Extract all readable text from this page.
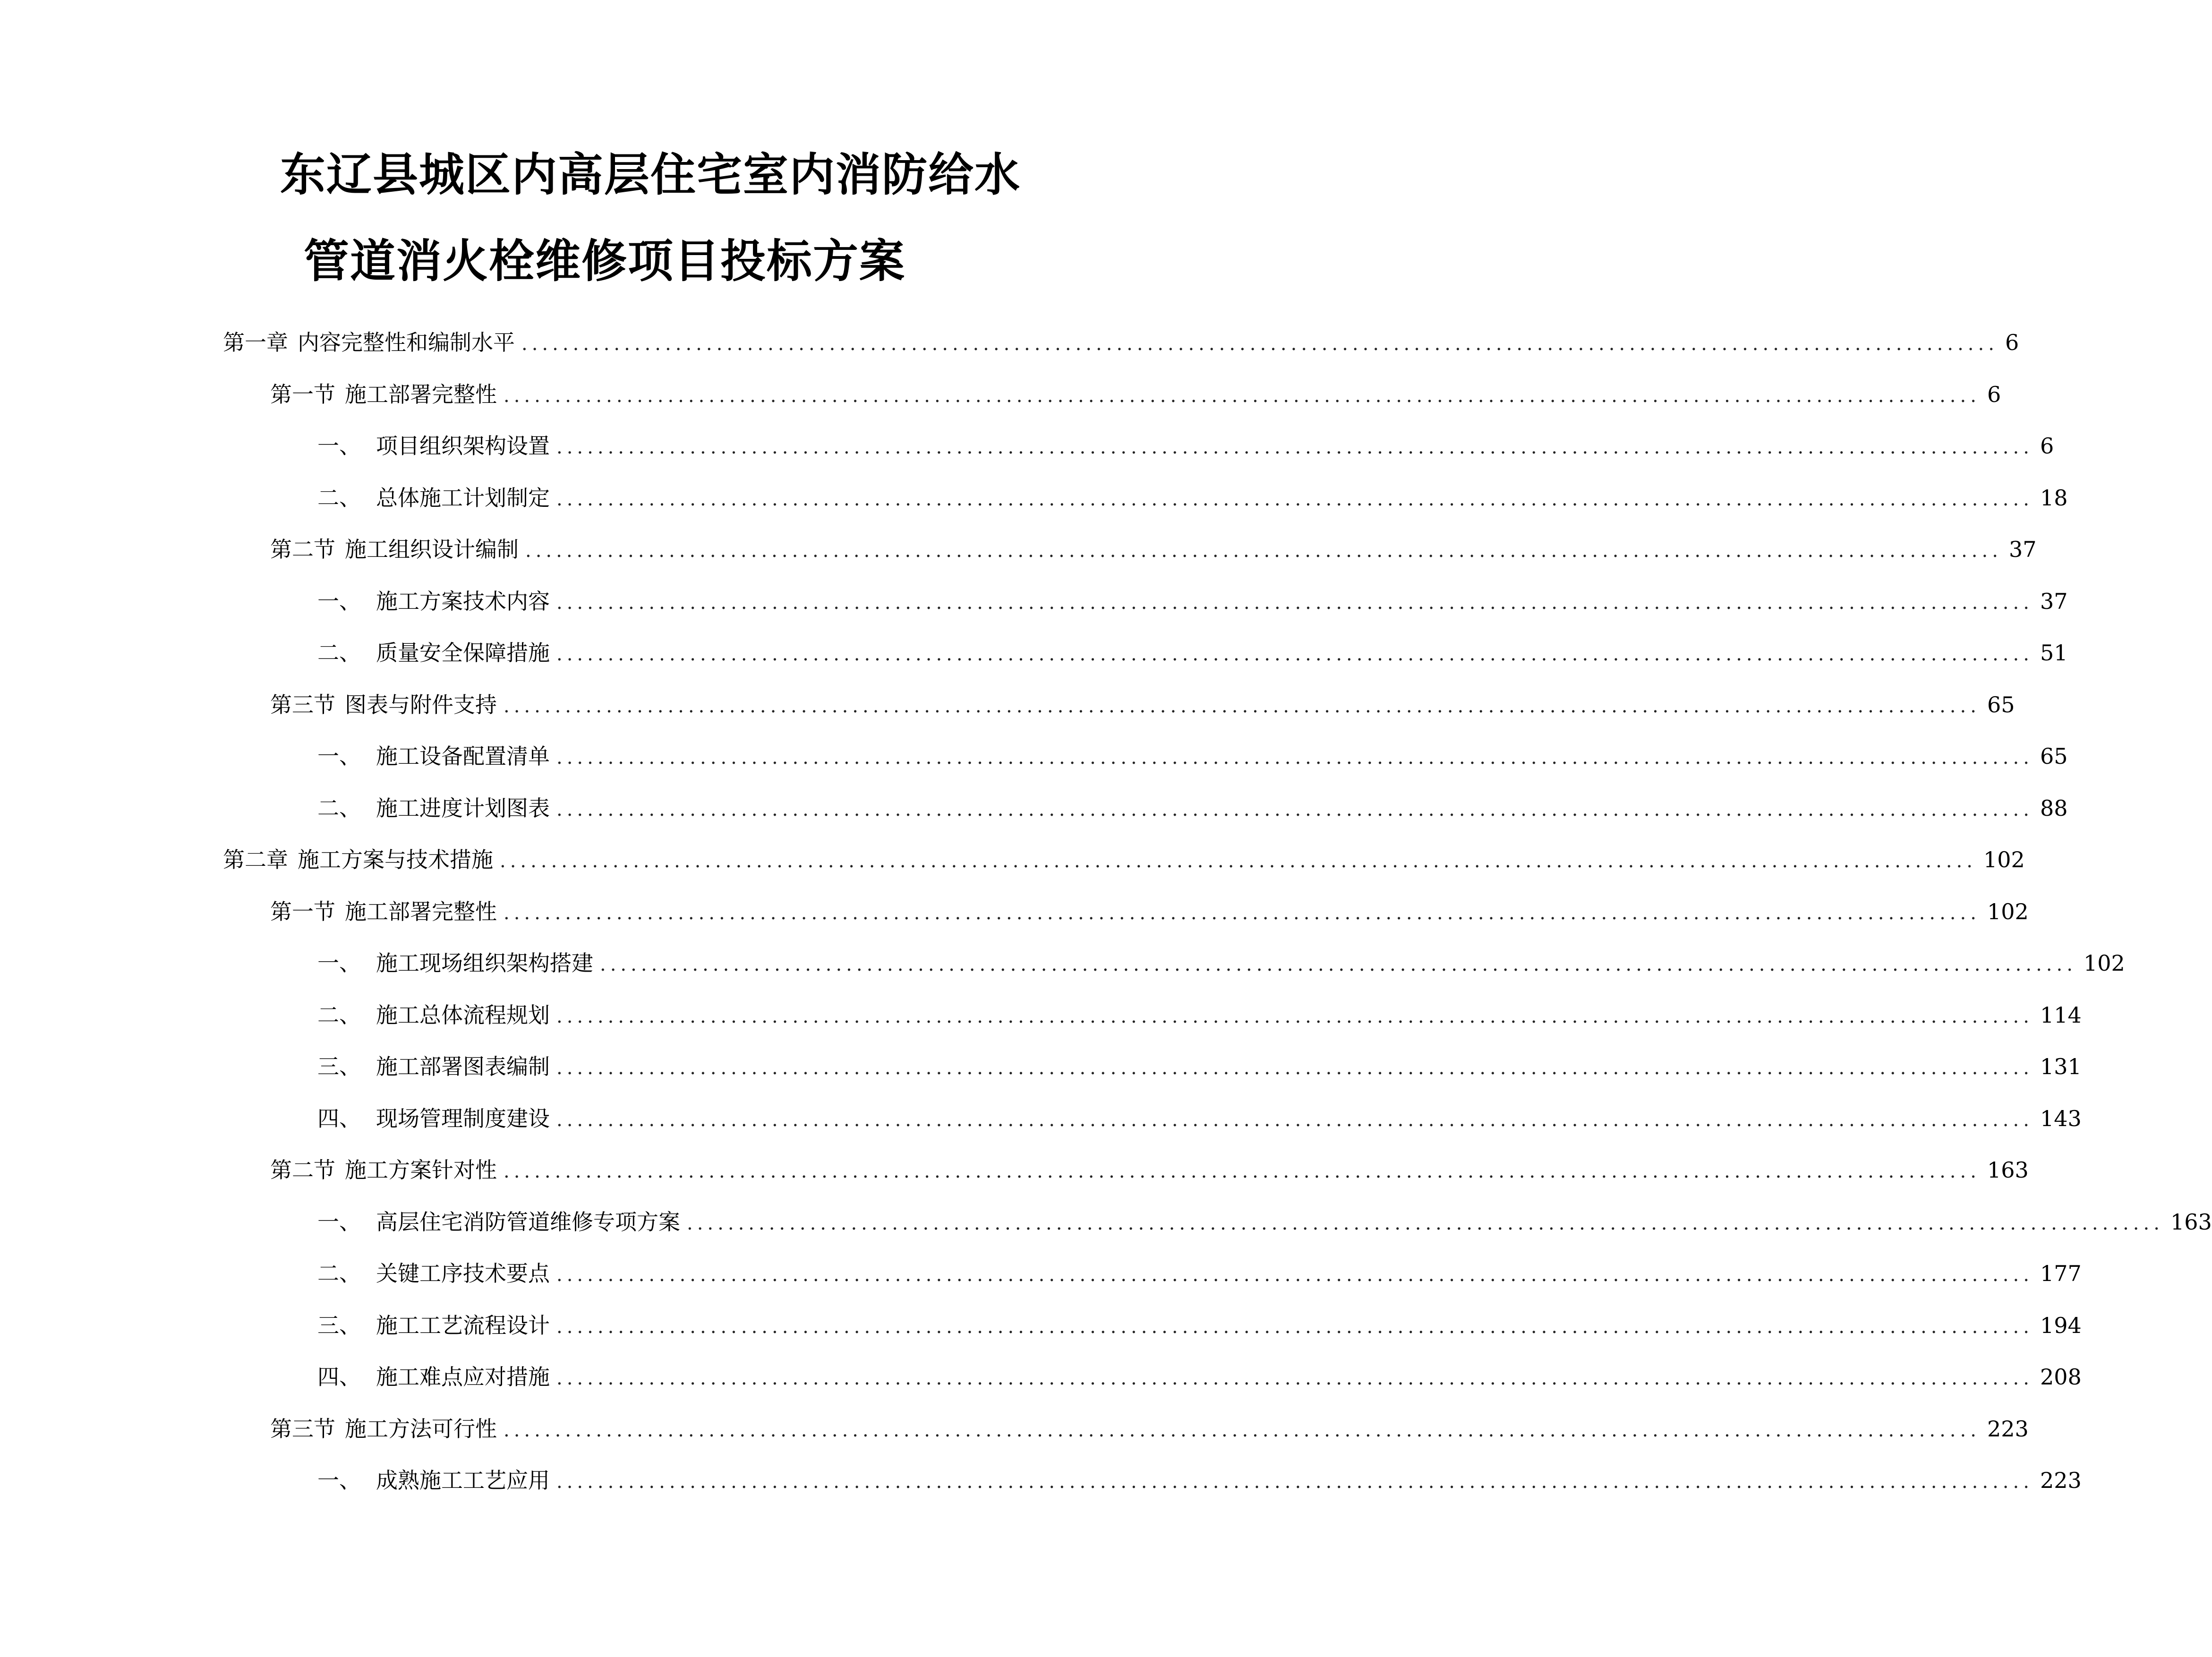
东辽县城区内高层住宅室内消防给水
管道消火栓维修项目投标方案
第一章 内容完整性和编制水平 ................................................................................................................................................ 6
第一节 施工部署完整性 ................................................................................................................................................ 6
一、 项目组织架构设置 ................................................................................................................................................ 6
二、 总体施工计划制定 ................................................................................................................................................ 18
第二节 施工组织设计编制 ................................................................................................................................................ 37
一、 施工方案技术内容 ................................................................................................................................................ 37
二、 质量安全保障措施 ................................................................................................................................................ 51
第三节 图表与附件支持 ................................................................................................................................................ 65
一、 施工设备配置清单 ................................................................................................................................................ 65
二、 施工进度计划图表 ................................................................................................................................................ 88
第二章 施工方案与技术措施 ................................................................................................................................................ 102
第一节 施工部署完整性 ................................................................................................................................................ 102
一、 施工现场组织架构搭建 ................................................................................................................................................ 102
二、 施工总体流程规划 ................................................................................................................................................ 114
三、 施工部署图表编制 ................................................................................................................................................ 131
四、 现场管理制度建设 ................................................................................................................................................ 143
第二节 施工方案针对性 ................................................................................................................................................ 163
一、 高层住宅消防管道维修专项方案 ................................................................................................................................................ 163
二、 关键工序技术要点 ................................................................................................................................................ 177
三、 施工工艺流程设计 ................................................................................................................................................ 194
四、 施工难点应对措施 ................................................................................................................................................ 208
第三节 施工方法可行性 ................................................................................................................................................ 223
一、 成熟施工工艺应用 ................................................................................................................................................ 223
